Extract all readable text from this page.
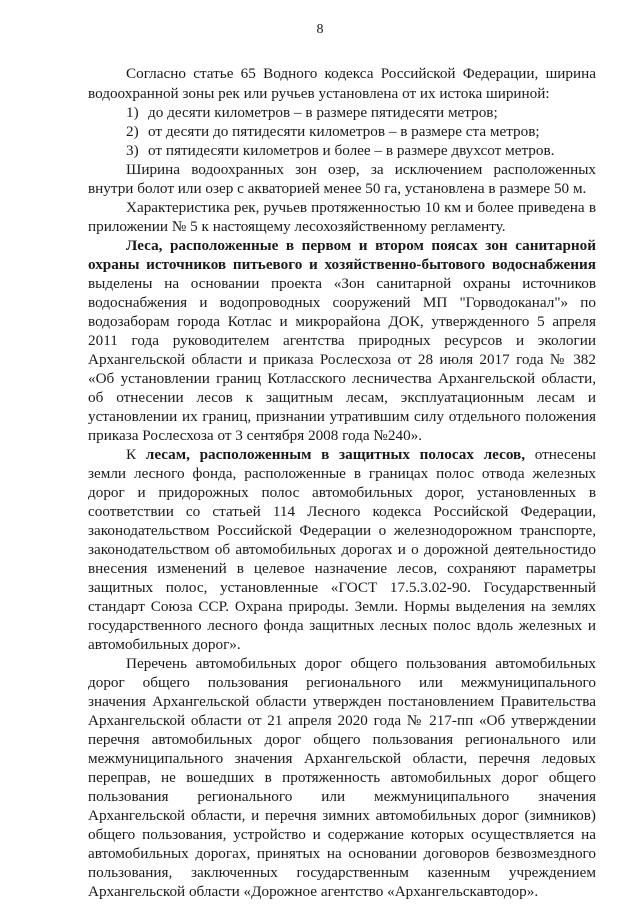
8
Согласно статье 65 Водного кодекса Российской Федерации, ширина
водоохранной зоны рек или ручьев установлена от их истока шириной:
1) до десяти километров – в размере пятидесяти метров;
2) от десяти до пятидесяти километров – в размере ста метров;
3) от пятидесяти километров и более – в размере двухсот метров.
Ширина водоохранных зон озер, за исключением расположенных
внутри болот или озер с акваторией менее 50 га, установлена в размере 50 м.
Характеристика рек, ручьев протяженностью 10 км и более приведена в
приложении № 5 к настоящему лесохозяйственному регламенту.
Леса, расположенные в первом и втором поясах зон санитарной
охраны источников питьевого и хозяйственно-бытового водоснабжения
выделены на основании проекта «Зон санитарной охраны источников
водоснабжения и водопроводных сооружений МП "Горводоканал"» по
водозаборам города Котлас и микрорайона ДОК, утвержденного 5 апреля
2011 года руководителем агентства природных ресурсов и экологии
Архангельской области и приказа Рослесхоза от 28 июля 2017 года № 382
«Об установлении границ Котласского лесничества Архангельской области,
об отнесении лесов к защитным лесам, эксплуатационным лесам и
установлении их границ, признании утратившим силу отдельного положения
приказа Рослесхоза от 3 сентября 2008 года №240».
К лесам, расположенным в защитных полосах лесов, отнесены
земли лесного фонда, расположенные в границах полос отвода железных
дорог и придорожных полос автомобильных дорог, установленных в
соответствии со статьей 114 Лесного кодекса Российской Федерации,
законодательством Российской Федерации о железнодорожном транспорте,
законодательством об автомобильных дорогах и о дорожной деятельностидо
внесения изменений в целевое назначение лесов, сохраняют параметры
защитных полос, установленные «ГОСТ 17.5.3.02-90. Государственный
стандарт Союза ССР. Охрана природы. Земли. Нормы выделения на землях
государственного лесного фонда защитных лесных полос вдоль железных и
автомобильных дорог».
Перечень автомобильных дорог общего пользования автомобильных
дорог общего пользования регионального или межмуниципального
значения Архангельской области утвержден постановлением Правительства
Архангельской области от 21 апреля 2020 года № 217-пп «Об утверждении
перечня автомобильных дорог общего пользования регионального или
межмуниципального значения Архангельской области, перечня ледовых
переправ, не вошедших в протяженность автомобильных дорог общего
пользования регионального или межмуниципального значения
Архангельской области, и перечня зимних автомобильных дорог (зимников)
общего пользования, устройство и содержание которых осуществляется на
автомобильных дорогах, принятых на основании договоров безвозмездного
пользования, заключенных государственным казенным учреждением
Архангельской области «Дорожное агентство «Архангельскавтодор».
